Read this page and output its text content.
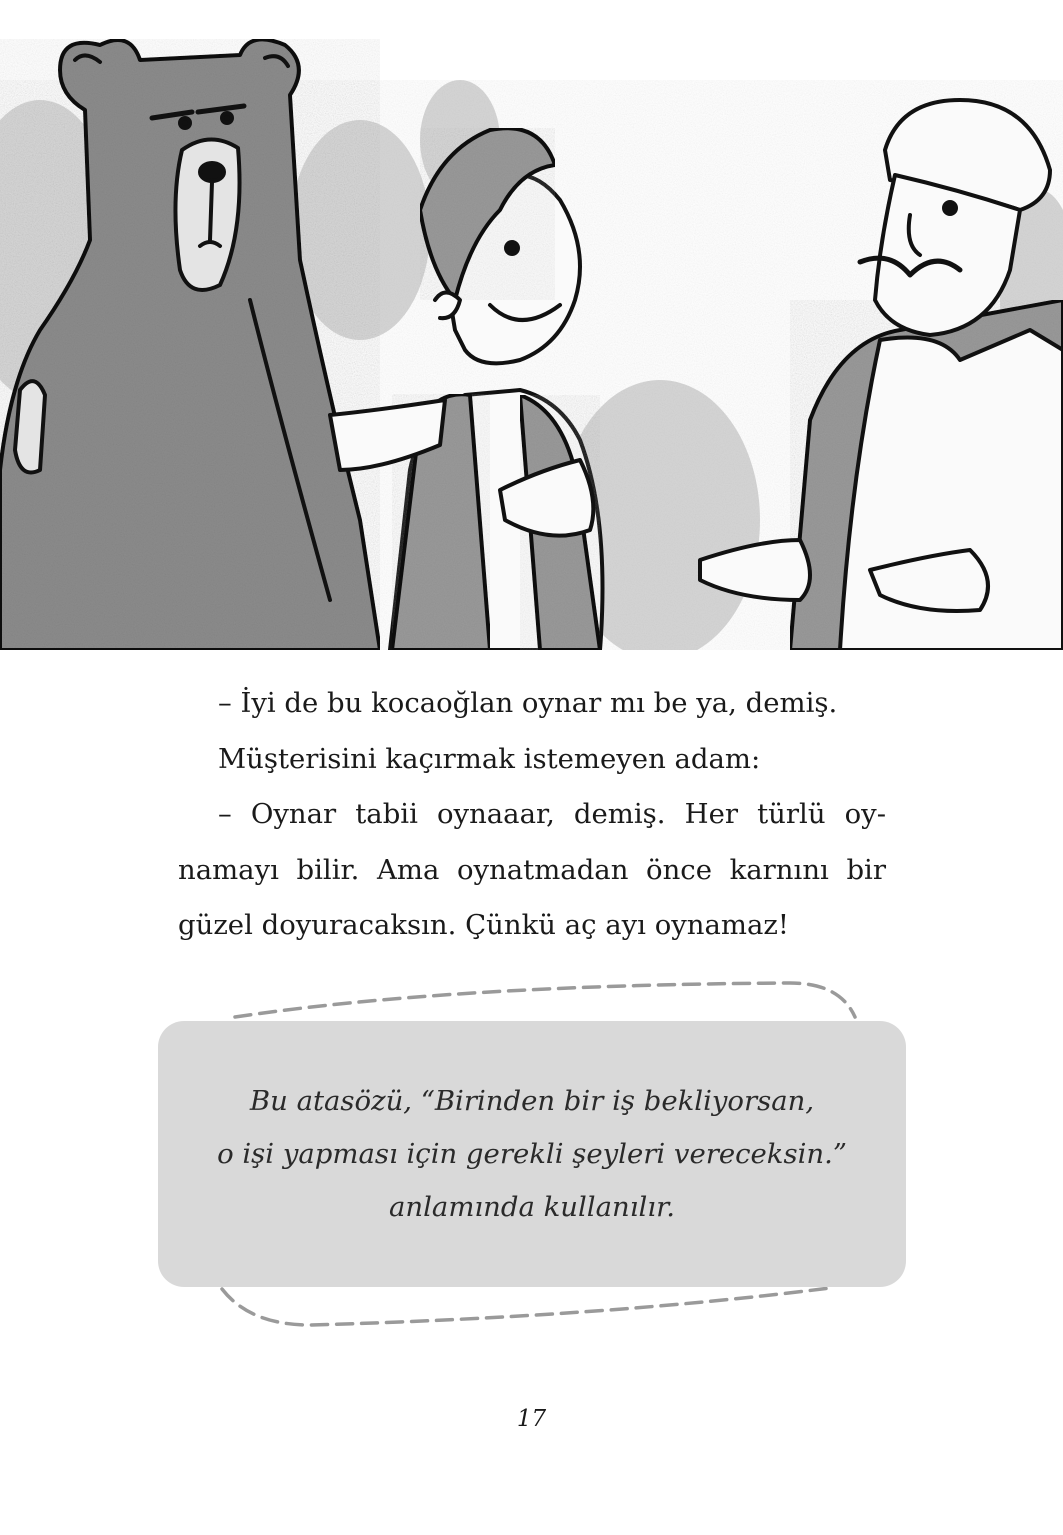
– İyi de bu kocaoğlan oynar mı be ya, demiş.

Müşterisini kaçırmak istemeyen adam:

– Oynar tabii oynaaar, demiş. Her türlü oy-

namayı bilir. Ama oynatmadan önce karnını bir

güzel doyuracaksın. Çünkü aç ayı oynamaz!

Bu atasözü, “Birinden bir iş bekliyorsan,
o işi yapması için gerekli şeyleri vereceksin.”
anlamında kullanılır.
17
